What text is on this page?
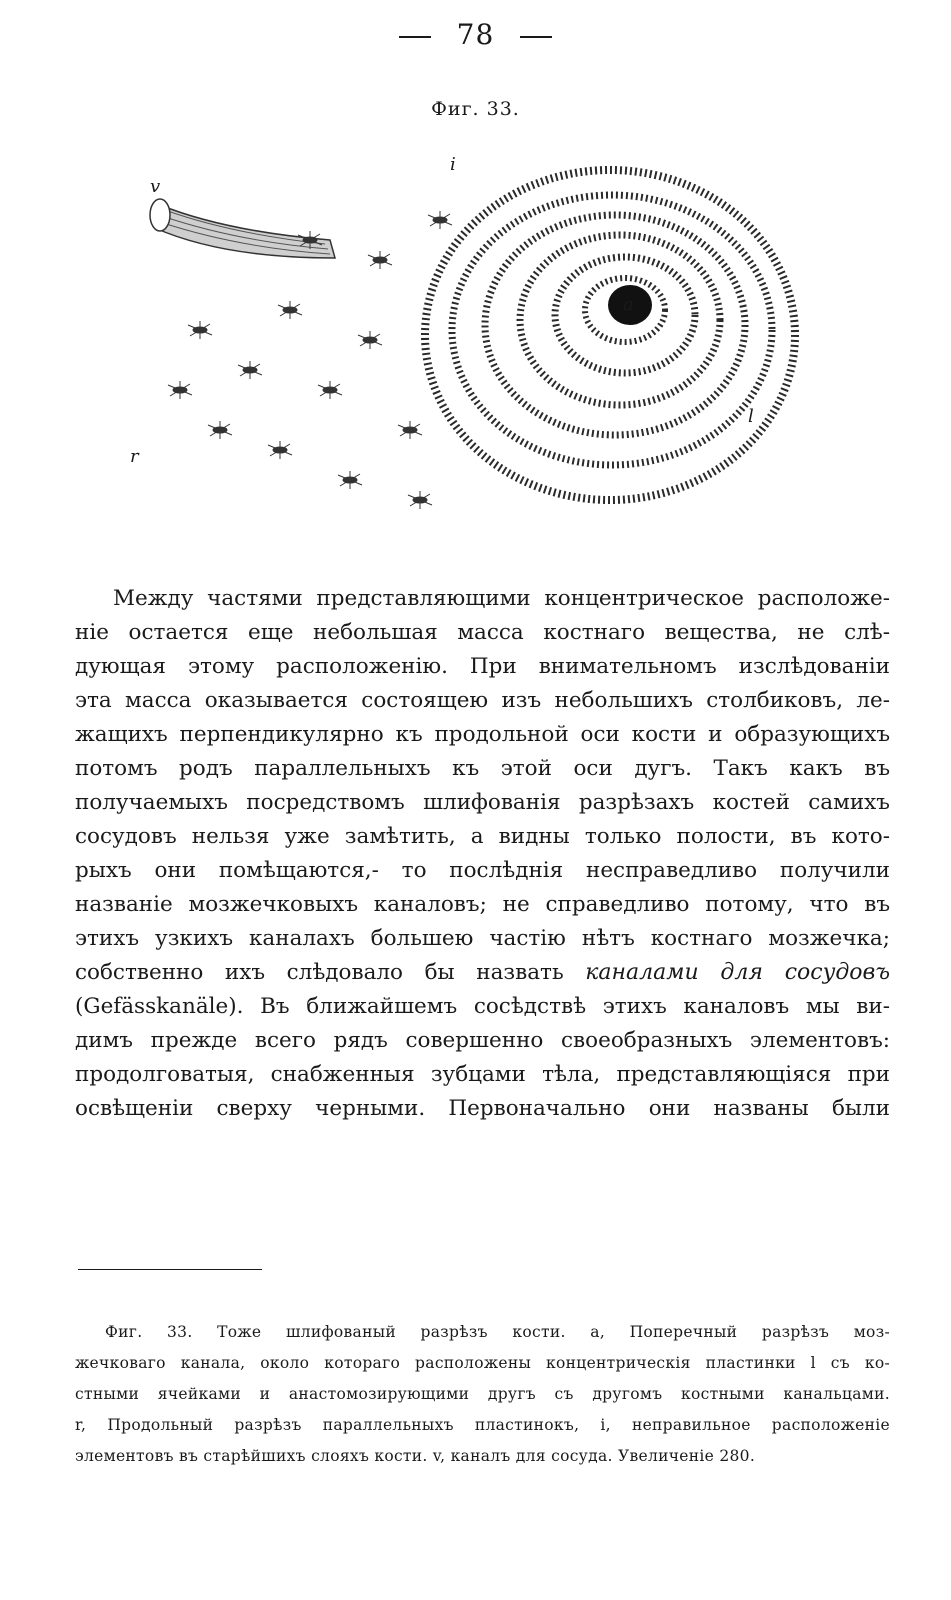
78
Фиг. 33.
v
i
a
l
r
Между частями представляющими концентрическое расположе-
ніе остается еще небольшая масса костнаго вещества, не слѣ-
дующая этому расположенію. При внимательномъ изслѣдованіи
эта масса оказывается состоящею изъ небольшихъ столбиковъ, ле-
жащихъ перпендикулярно къ продольной оси кости и образующихъ
потомъ родъ параллельныхъ къ этой оси дугъ. Такъ какъ въ
получаемыхъ посредствомъ шлифованія разрѣзахъ костей самихъ
сосудовъ нельзя уже замѣтить, а видны только полости, въ кото-
рыхъ они помѣщаются,- то послѣднія несправедливо получили
названіе мозжечковыхъ каналовъ; не справедливо потому, что въ
этихъ узкихъ каналахъ большею частію нѣтъ костнаго мозжечка;
собственно ихъ слѣдовало бы назвать каналами для сосудовъ
(Gefässkanäle). Въ ближайшемъ сосѣдствѣ этихъ каналовъ мы ви-
димъ прежде всего рядъ совершенно своеобразныхъ элементовъ:
продолговатыя, снабженныя зубцами тѣла, представляющіяся при
освѣщеніи сверху черными. Первоначально они названы были
Фиг. 33. Тоже шлифованый разрѣзъ кости. a, Поперечный разрѣзъ моз-
жечковаго канала, около котораго расположены концентрическія пластинки l съ ко-
стными ячейками и анастомозирующими другъ съ другомъ костными канальцами.
r, Продольный разрѣзъ параллельныхъ пластинокъ, i, неправильное расположеніе
элементовъ въ старѣйшихъ слояхъ кости. v, каналъ для сосуда. Увеличеніе 280.
